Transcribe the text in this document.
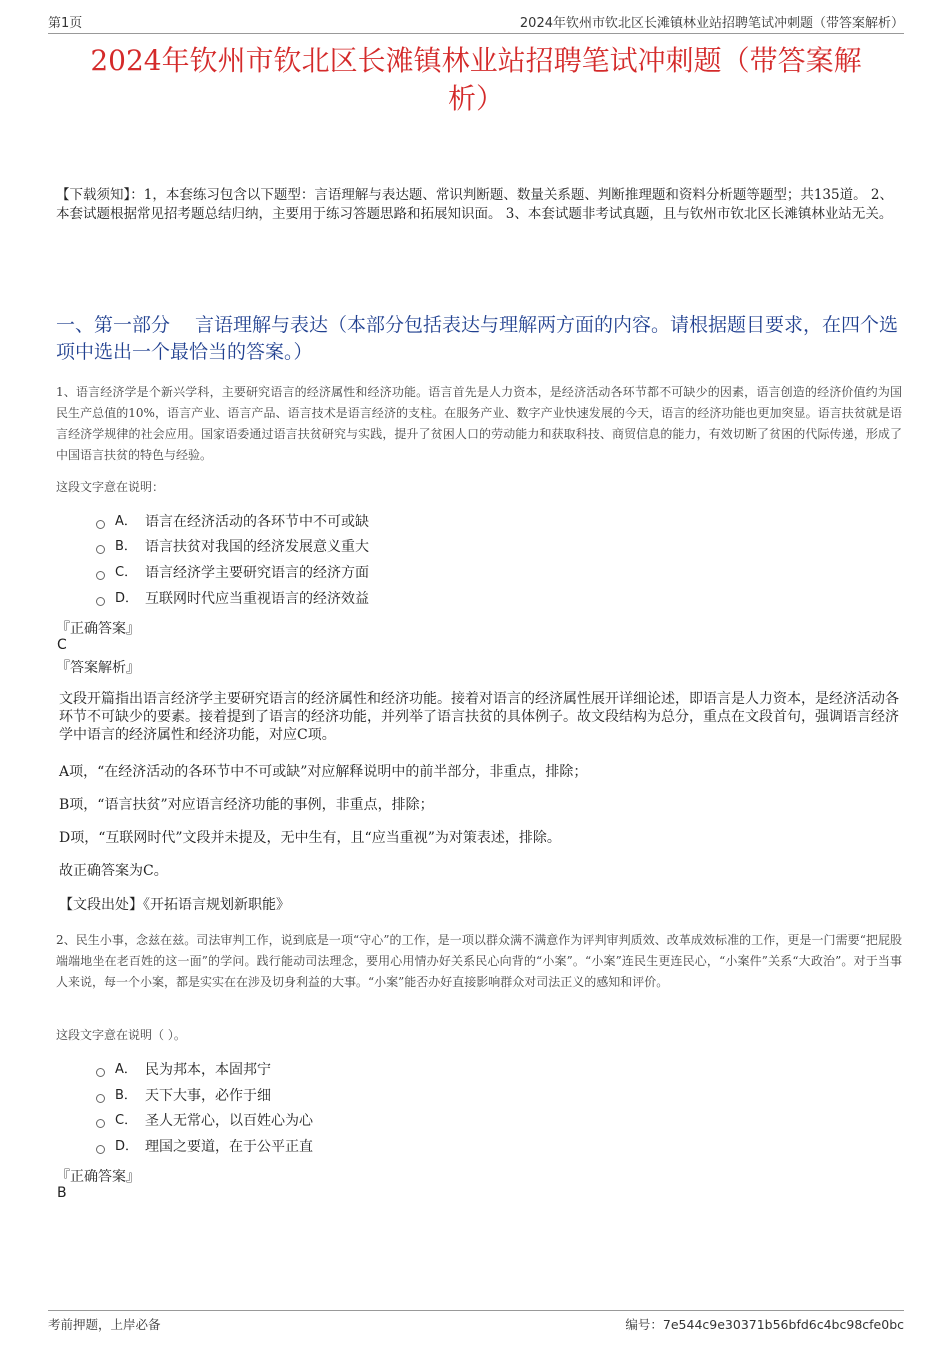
第1页	2024年钦州市钦北区长滩镇林业站招聘笔试冲刺题（带答案解析）
2024年钦州市钦北区长滩镇林业站招聘笔试冲刺题（带答案解
析）
【下载须知】：1，本套练习包含以下题型：言语理解与表达题、常识判断题、数量关系题、判断推理题和资料分析题等题型；共135道。 2、本套试题根据常见招考题总结归纳，主要用于练习答题思路和拓展知识面。 3、本套试题非考试真题，且与钦州市钦北区长滩镇林业站无关。
一、第一部分　 言语理解与表达（本部分包括表达与理解两方面的内容。请根据题目要求，在四个选项中选出一个最恰当的答案。）
1、语言经济学是个新兴学科，主要研究语言的经济属性和经济功能。语言首先是人力资本，是经济活动各环节都不可缺少的因素，语言创造的经济价值约为国民生产总值的10%，语言产业、语言产品、语言技术是语言经济的支柱。在服务产业、数字产业快速发展的今天，语言的经济功能也更加突显。语言扶贫就是语言经济学规律的社会应用。国家语委通过语言扶贫研究与实践，提升了贫困人口的劳动能力和获取科技、商贸信息的能力，有效切断了贫困的代际传递，形成了中国语言扶贫的特色与经验。
这段文字意在说明：
A． 语言在经济活动的各环节中不可或缺
B． 语言扶贫对我国的经济发展意义重大
C． 语言经济学主要研究语言的经济方面
D． 互联网时代应当重视语言的经济效益
『正确答案』
C
『答案解析』
文段开篇指出语言经济学主要研究语言的经济属性和经济功能。接着对语言的经济属性展开详细论述，即语言是人力资本，是经济活动各环节不可缺少的要素。接着提到了语言的经济功能，并列举了语言扶贫的具体例子。故文段结构为总分，重点在文段首句，强调语言经济学中语言的经济属性和经济功能，对应C项。
A项，“在经济活动的各环节中不可或缺”对应解释说明中的前半部分，非重点，排除；
B项，“语言扶贫”对应语言经济功能的事例，非重点，排除；
D项，“互联网时代”文段并未提及，无中生有，且“应当重视”为对策表述，排除。
故正确答案为C。
【文段出处】《开拓语言规划新职能》
2、民生小事，念兹在兹。司法审判工作，说到底是一项“守心”的工作，是一项以群众满不满意作为评判审判质效、改革成效标准的工作，更是一门需要“把屁股端端地坐在老百姓的这一面”的学问。践行能动司法理念，要用心用情办好关系民心向背的“小案”。“小案”连民生更连民心，“小案件”关系“大政治”。对于当事人来说，每一个小案，都是实实在在涉及切身利益的大事。“小案”能否办好直接影响群众对司法正义的感知和评价。
这段文字意在说明（ ）。
A． 民为邦本，本固邦宁
B． 天下大事，必作于细
C． 圣人无常心，以百姓心为心
D． 理国之要道，在于公平正直
『正确答案』
B
考前押题，上岸必备	编号：7e544c9e30371b56bfd6c4bc98cfe0bc
